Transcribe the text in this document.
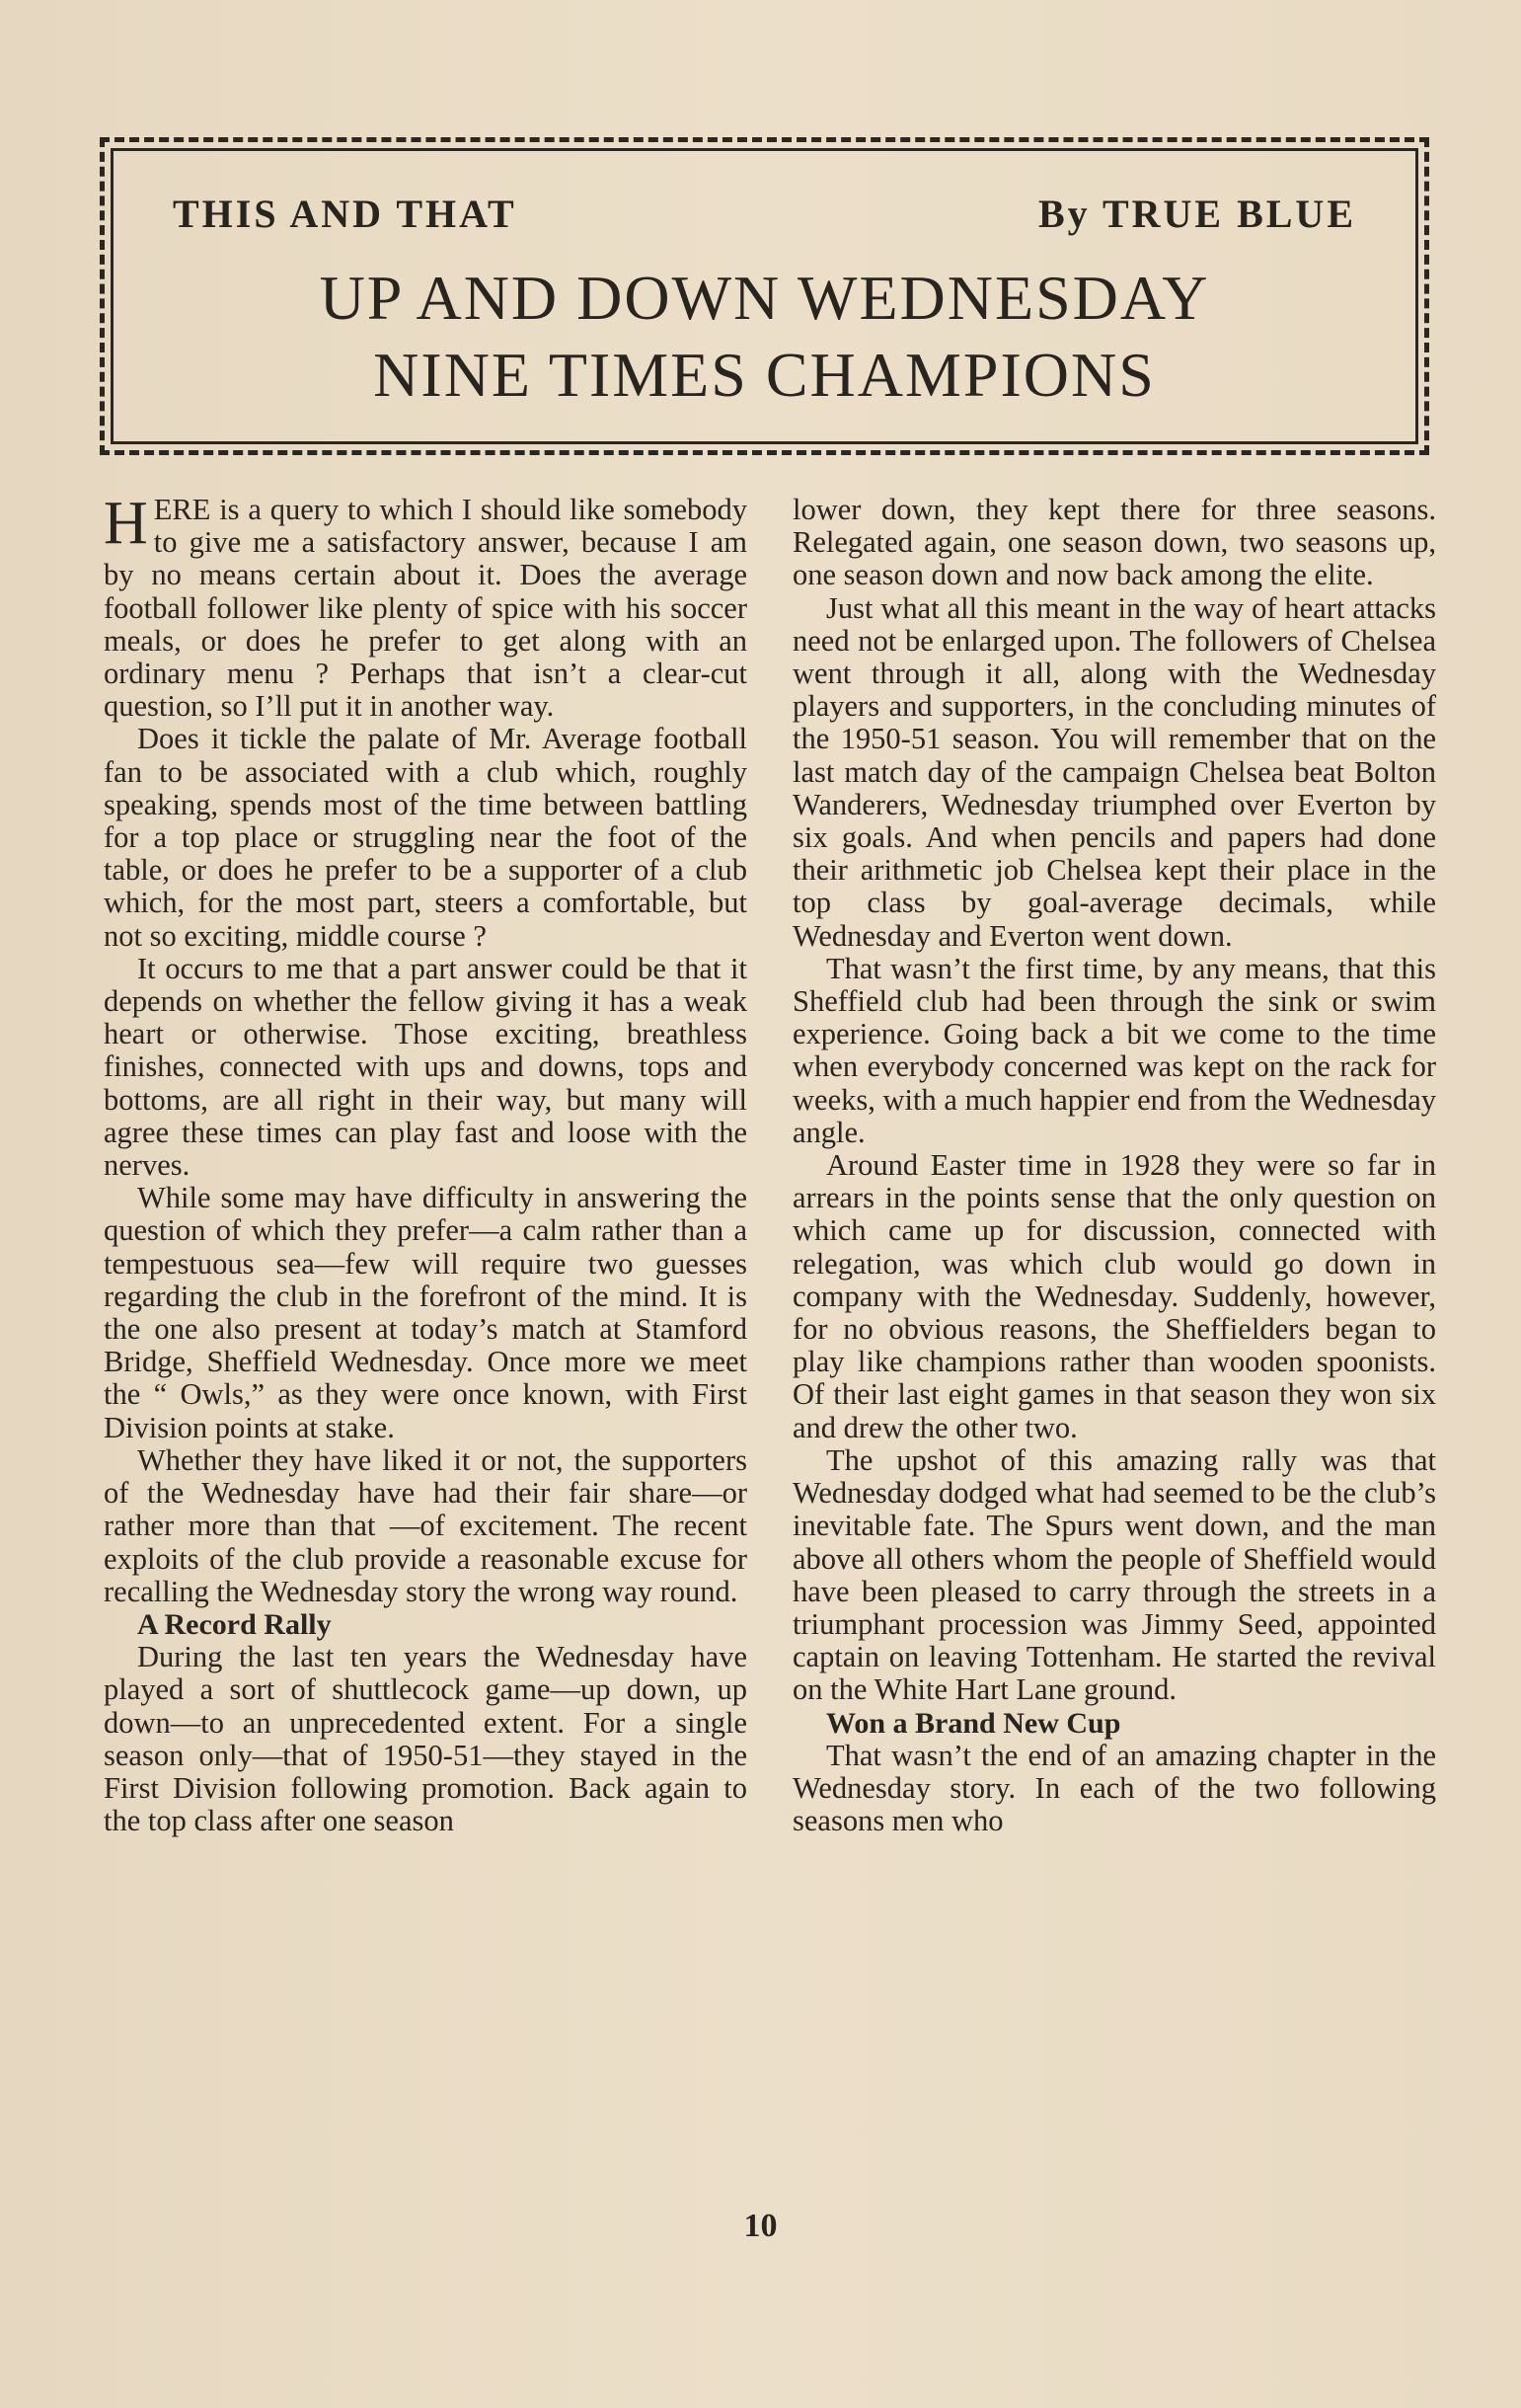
THIS AND THAT	By TRUE BLUE
UP AND DOWN WEDNESDAY
NINE TIMES CHAMPIONS

HERE is a query to which I should like somebody to give me a satisfactory answer, because I am by no means certain about it. Does the average football follower like plenty of spice with his soccer meals, or does he prefer to get along with an ordinary menu ? Perhaps that isn’t a clear-cut question, so I’ll put it in another way.

Does it tickle the palate of Mr. Average football fan to be associated with a club which, roughly speaking, spends most of the time between battling for a top place or struggling near the foot of the table, or does he prefer to be a supporter of a club which, for the most part, steers a comfortable, but not so exciting, middle course ?

It occurs to me that a part answer could be that it depends on whether the fellow giving it has a weak heart or otherwise. Those exciting, breathless finishes, connected with ups and downs, tops and bottoms, are all right in their way, but many will agree these times can play fast and loose with the nerves.

While some may have difficulty in answering the question of which they prefer—a calm rather than a tempestuous sea—few will require two guesses regarding the club in the forefront of the mind. It is the one also present at today’s match at Stamford Bridge, Sheffield Wednesday. Once more we meet the “ Owls,” as they were once known, with First Division points at stake.

Whether they have liked it or not, the supporters of the Wednesday have had their fair share—or rather more than that —of excitement. The recent exploits of the club provide a reasonable excuse for recalling the Wednesday story the wrong way round.

A Record Rally

During the last ten years the Wednesday have played a sort of shuttlecock game—up down, up down—to an unprecedented extent. For a single season only—that of 1950-51—they stayed in the First Division following promotion. Back again to the top class after one season

lower down, they kept there for three seasons. Relegated again, one season down, two seasons up, one season down and now back among the elite.

Just what all this meant in the way of heart attacks need not be enlarged upon. The followers of Chelsea went through it all, along with the Wednesday players and supporters, in the concluding minutes of the 1950-51 season. You will remember that on the last match day of the campaign Chelsea beat Bolton Wanderers, Wednesday triumphed over Everton by six goals. And when pencils and papers had done their arithmetic job Chelsea kept their place in the top class by goal-average decimals, while Wednesday and Everton went down.

That wasn’t the first time, by any means, that this Sheffield club had been through the sink or swim experience. Going back a bit we come to the time when everybody concerned was kept on the rack for weeks, with a much happier end from the Wednesday angle.

Around Easter time in 1928 they were so far in arrears in the points sense that the only question on which came up for discussion, connected with relegation, was which club would go down in company with the Wednesday. Suddenly, however, for no obvious reasons, the Sheffielders began to play like champions rather than wooden spoonists. Of their last eight games in that season they won six and drew the other two.

The upshot of this amazing rally was that Wednesday dodged what had seemed to be the club’s inevitable fate. The Spurs went down, and the man above all others whom the people of Sheffield would have been pleased to carry through the streets in a triumphant procession was Jimmy Seed, appointed captain on leaving Tottenham. He started the revival on the White Hart Lane ground.

Won a Brand New Cup

That wasn’t the end of an amazing chapter in the Wednesday story. In each of the two following seasons men who

10
